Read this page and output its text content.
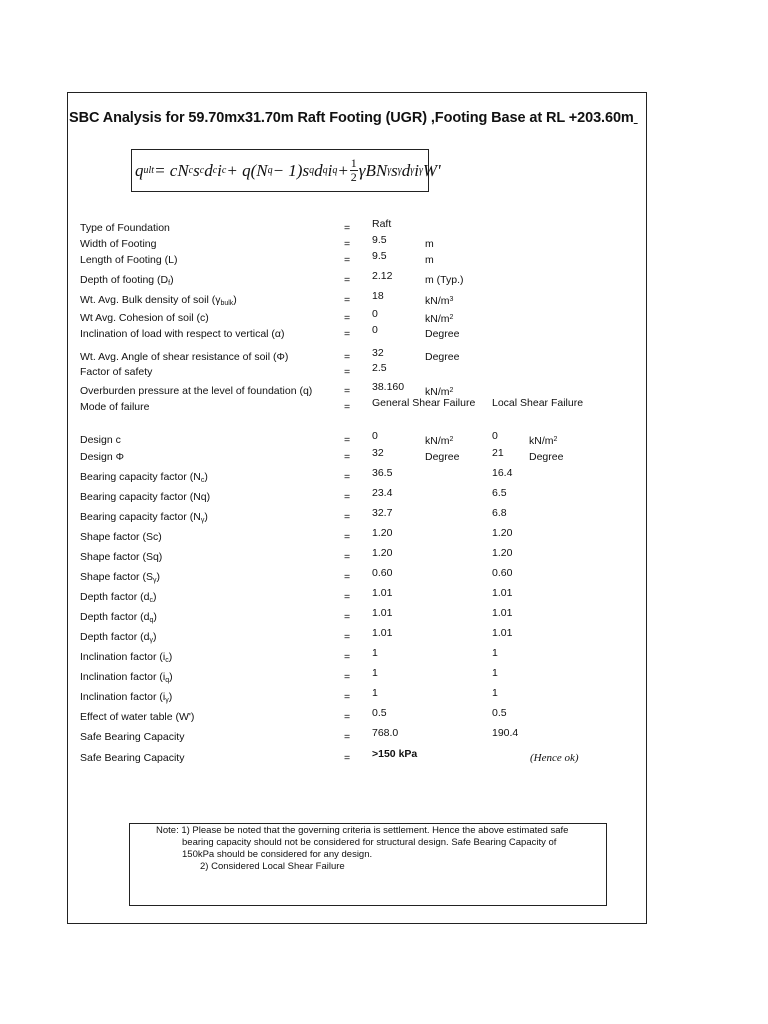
SBC Analysis for 59.70mx31.70m Raft Footing (UGR) ,Footing Base at RL +203.60m
q ult = cN c s c d c i c + q(N q − 1)s q d q i $q + \frac{1}{2}$ γBN γ s γ d γ i γ W'
Type of Foundation	= Raft
Width of Footing	= 9.5	m
Length of Footing (L)	= 9.5	m
Depth of footing (Df)	= 2.12	m (Typ.)
Wt. Avg. Bulk density of soil (γbulk)	= 18	$kN/m^3$
Wt Avg. Cohesion of soil (c)	= 0	$kN/m^2$
Inclination of load with respect to vertical (α)	= 0	Degree
Wt. Avg. Angle of shear resistance of soil (Φ)	= 32	Degree
Factor of safety	= 2.5
Overburden pressure at the level of foundation (q)	= 38.160 $kN/m^2$
Mode of failure	= General Shear Failure Local Shear Failure
Design c	= 0	$kN/m^2$	0	$kN/m^2$
Design Φ	= 32	Degree	21 Degree
Bearing capacity factor (Nc)	= 36.5	16.4
Bearing capacity factor (Nq)	= 23.4	6.5
Bearing capacity factor (Nγ)	= 32.7	6.8
Shape factor (Sc)	= 1.20	1.20
Shape factor (Sq)	= 1.20	1.20
Shape factor (Sγ)	= 0.60	0.60
Depth factor (dc)	= 1.01	1.01
Depth factor (dq)	= 1.01	1.01
Depth factor (dγ)	= 1.01	1.01
Inclination factor (ic)	= 1	1
Inclination factor (iq)	= 1	1
Inclination factor (iγ)	= 1	1
Effect of water table (W')	= 0.5	0.5
Safe Bearing Capacity	= 768.0	190.4
Safe Bearing Capacity	= >150 kPa	(Hence ok)
Note: 1) Please be noted that the governing criteria is settlement. Hence the above estimated safe
bearing capacity should not be considered for structural design. Safe Bearing Capacity of
150kPa should be considered for any design.
2) Considered Local Shear Failure
